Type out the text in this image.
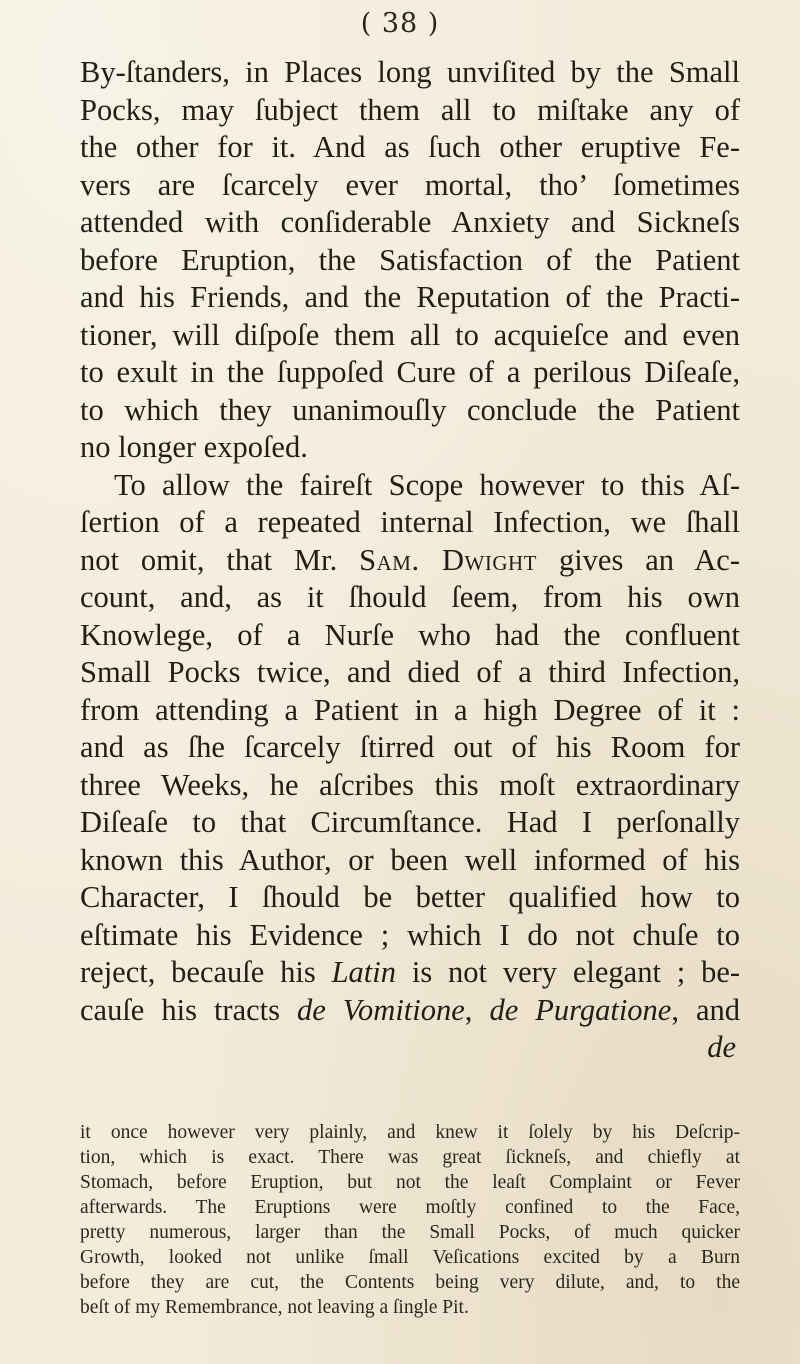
( 38 )
By-ſtanders, in Places long unviſited by the Small
Pocks, may ſubject them all to miſtake any of
the other for it. And as ſuch other eruptive Fe-
vers are ſcarcely ever mortal, tho’ ſometimes
attended with conſiderable Anxiety and Sickneſs
before Eruption, the Satisfaction of the Patient
and his Friends, and the Reputation of the Practi-
tioner, will diſpoſe them all to acquieſce and even
to exult in the ſuppoſed Cure of a perilous Diſeaſe,
to which they unanimouſly conclude the Patient
no longer expoſed.
To allow the faireſt Scope however to this Aſ-
ſertion of a repeated internal Infection, we ſhall
not omit, that Mr. Sam. Dwight gives an Ac-
count, and, as it ſhould ſeem, from his own
Knowlege, of a Nurſe who had the confluent
Small Pocks twice, and died of a third Infection,
from attending a Patient in a high Degree of it :
and as ſhe ſcarcely ſtirred out of his Room for
three Weeks, he aſcribes this moſt extraordinary
Diſeaſe to that Circumſtance. Had I perſonally
known this Author, or been well informed of his
Character, I ſhould be better qualified how to
eſtimate his Evidence ; which I do not chuſe to
reject, becauſe his Latin is not very elegant ; be-
cauſe his tracts de Vomitione, de Purgatione, and
de
it once however very plainly, and knew it ſolely by his Deſcrip-
tion, which is exact. There was great ſickneſs, and chiefly at
Stomach, before Eruption, but not the leaſt Complaint or Fever
afterwards. The Eruptions were moſtly confined to the Face,
pretty numerous, larger than the Small Pocks, of much quicker
Growth, looked not unlike ſmall Veſications excited by a Burn
before they are cut, the Contents being very dilute, and, to the
beſt of my Remembrance, not leaving a ſingle Pit.
